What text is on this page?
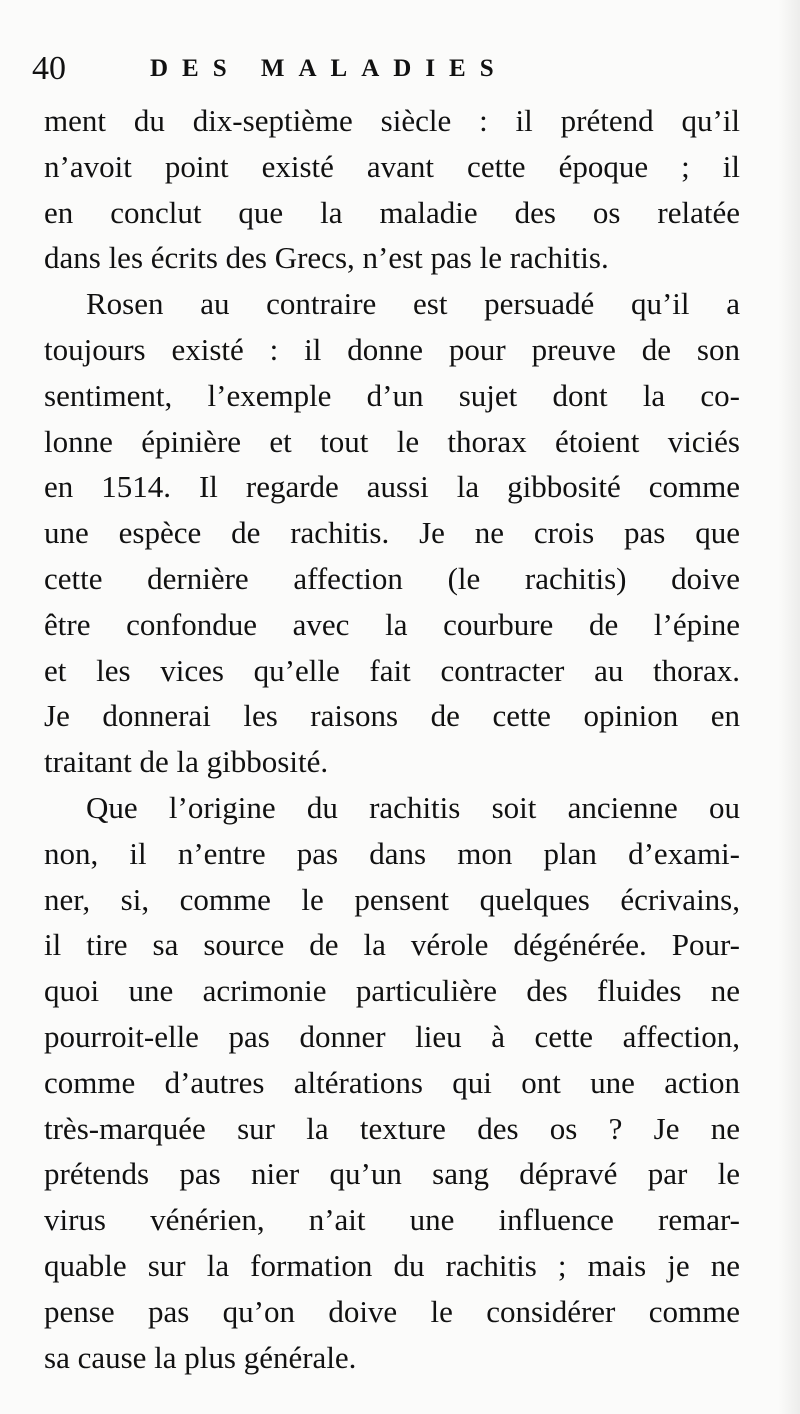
40	DES MALADIES
ment du dix-septième siècle : il prétend qu’il
n’avoit point existé avant cette époque ; il
en conclut que la maladie des os relatée
dans les écrits des Grecs, n’est pas le rachitis.
Rosen au contraire est persuadé qu’il a
toujours existé : il donne pour preuve de son
sentiment, l’exemple d’un sujet dont la co-
lonne épinière et tout le thorax étoient viciés
en 1514. Il regarde aussi la gibbosité comme
une espèce de rachitis. Je ne crois pas que
cette dernière affection (le rachitis) doive
être confondue avec la courbure de l’épine
et les vices qu’elle fait contracter au thorax.
Je donnerai les raisons de cette opinion en
traitant de la gibbosité.
Que l’origine du rachitis soit ancienne ou
non, il n’entre pas dans mon plan d’exami-
ner, si, comme le pensent quelques écrivains,
il tire sa source de la vérole dégénérée. Pour-
quoi une acrimonie particulière des fluides ne
pourroit-elle pas donner lieu à cette affection,
comme d’autres altérations qui ont une action
très-marquée sur la texture des os ? Je ne
prétends pas nier qu’un sang dépravé par le
virus vénérien, n’ait une influence remar-
quable sur la formation du rachitis ; mais je ne
pense pas qu’on doive le considérer comme
sa cause la plus générale.
